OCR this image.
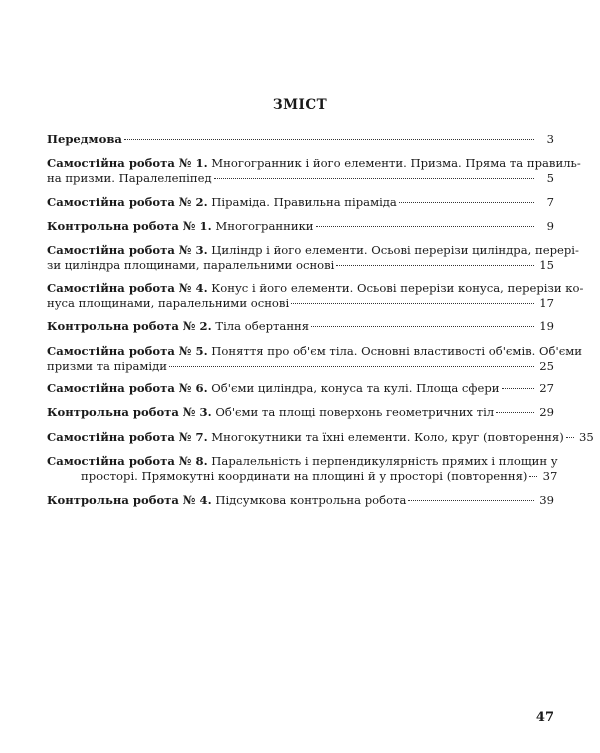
ЗМІСТ
Передмова	3
Самостійна робота № 1. Многогранник і його елементи. Призма. Пряма та правиль-
на призми. Паралелепіпед	5
Самостійна робота № 2. Піраміда. Правильна піраміда	7
Контрольна робота № 1. Многогранники	9
Самостійна робота № 3. Циліндр і його елементи. Осьові перерізи циліндра, перері-
зи циліндра площинами, паралельними основі	15
Самостійна робота № 4. Конус і його елементи. Осьові перерізи конуса, перерізи ко-
нуса площинами, паралельними основі	17
Контрольна робота № 2. Тіла обертання	19
Самостійна робота № 5. Поняття про об'єм тіла. Основні властивості об'ємів. Об'єми
призми та піраміди	25
Самостійна робота № 6. Об'єми циліндра, конуса та кулі. Площа сфери	27
Контрольна робота № 3. Об'єми та площі поверхонь геометричних тіл	29
Самостійна робота № 7. Многокутники та їхні елементи. Коло, круг (повторення) 35
Самостійна робота № 8. Паралельність і перпендикулярність прямих і площин у
просторі. Прямокутні координати на площині й у просторі (повторення) 37
Контрольна робота № 4. Підсумкова контрольна робота	39
47
